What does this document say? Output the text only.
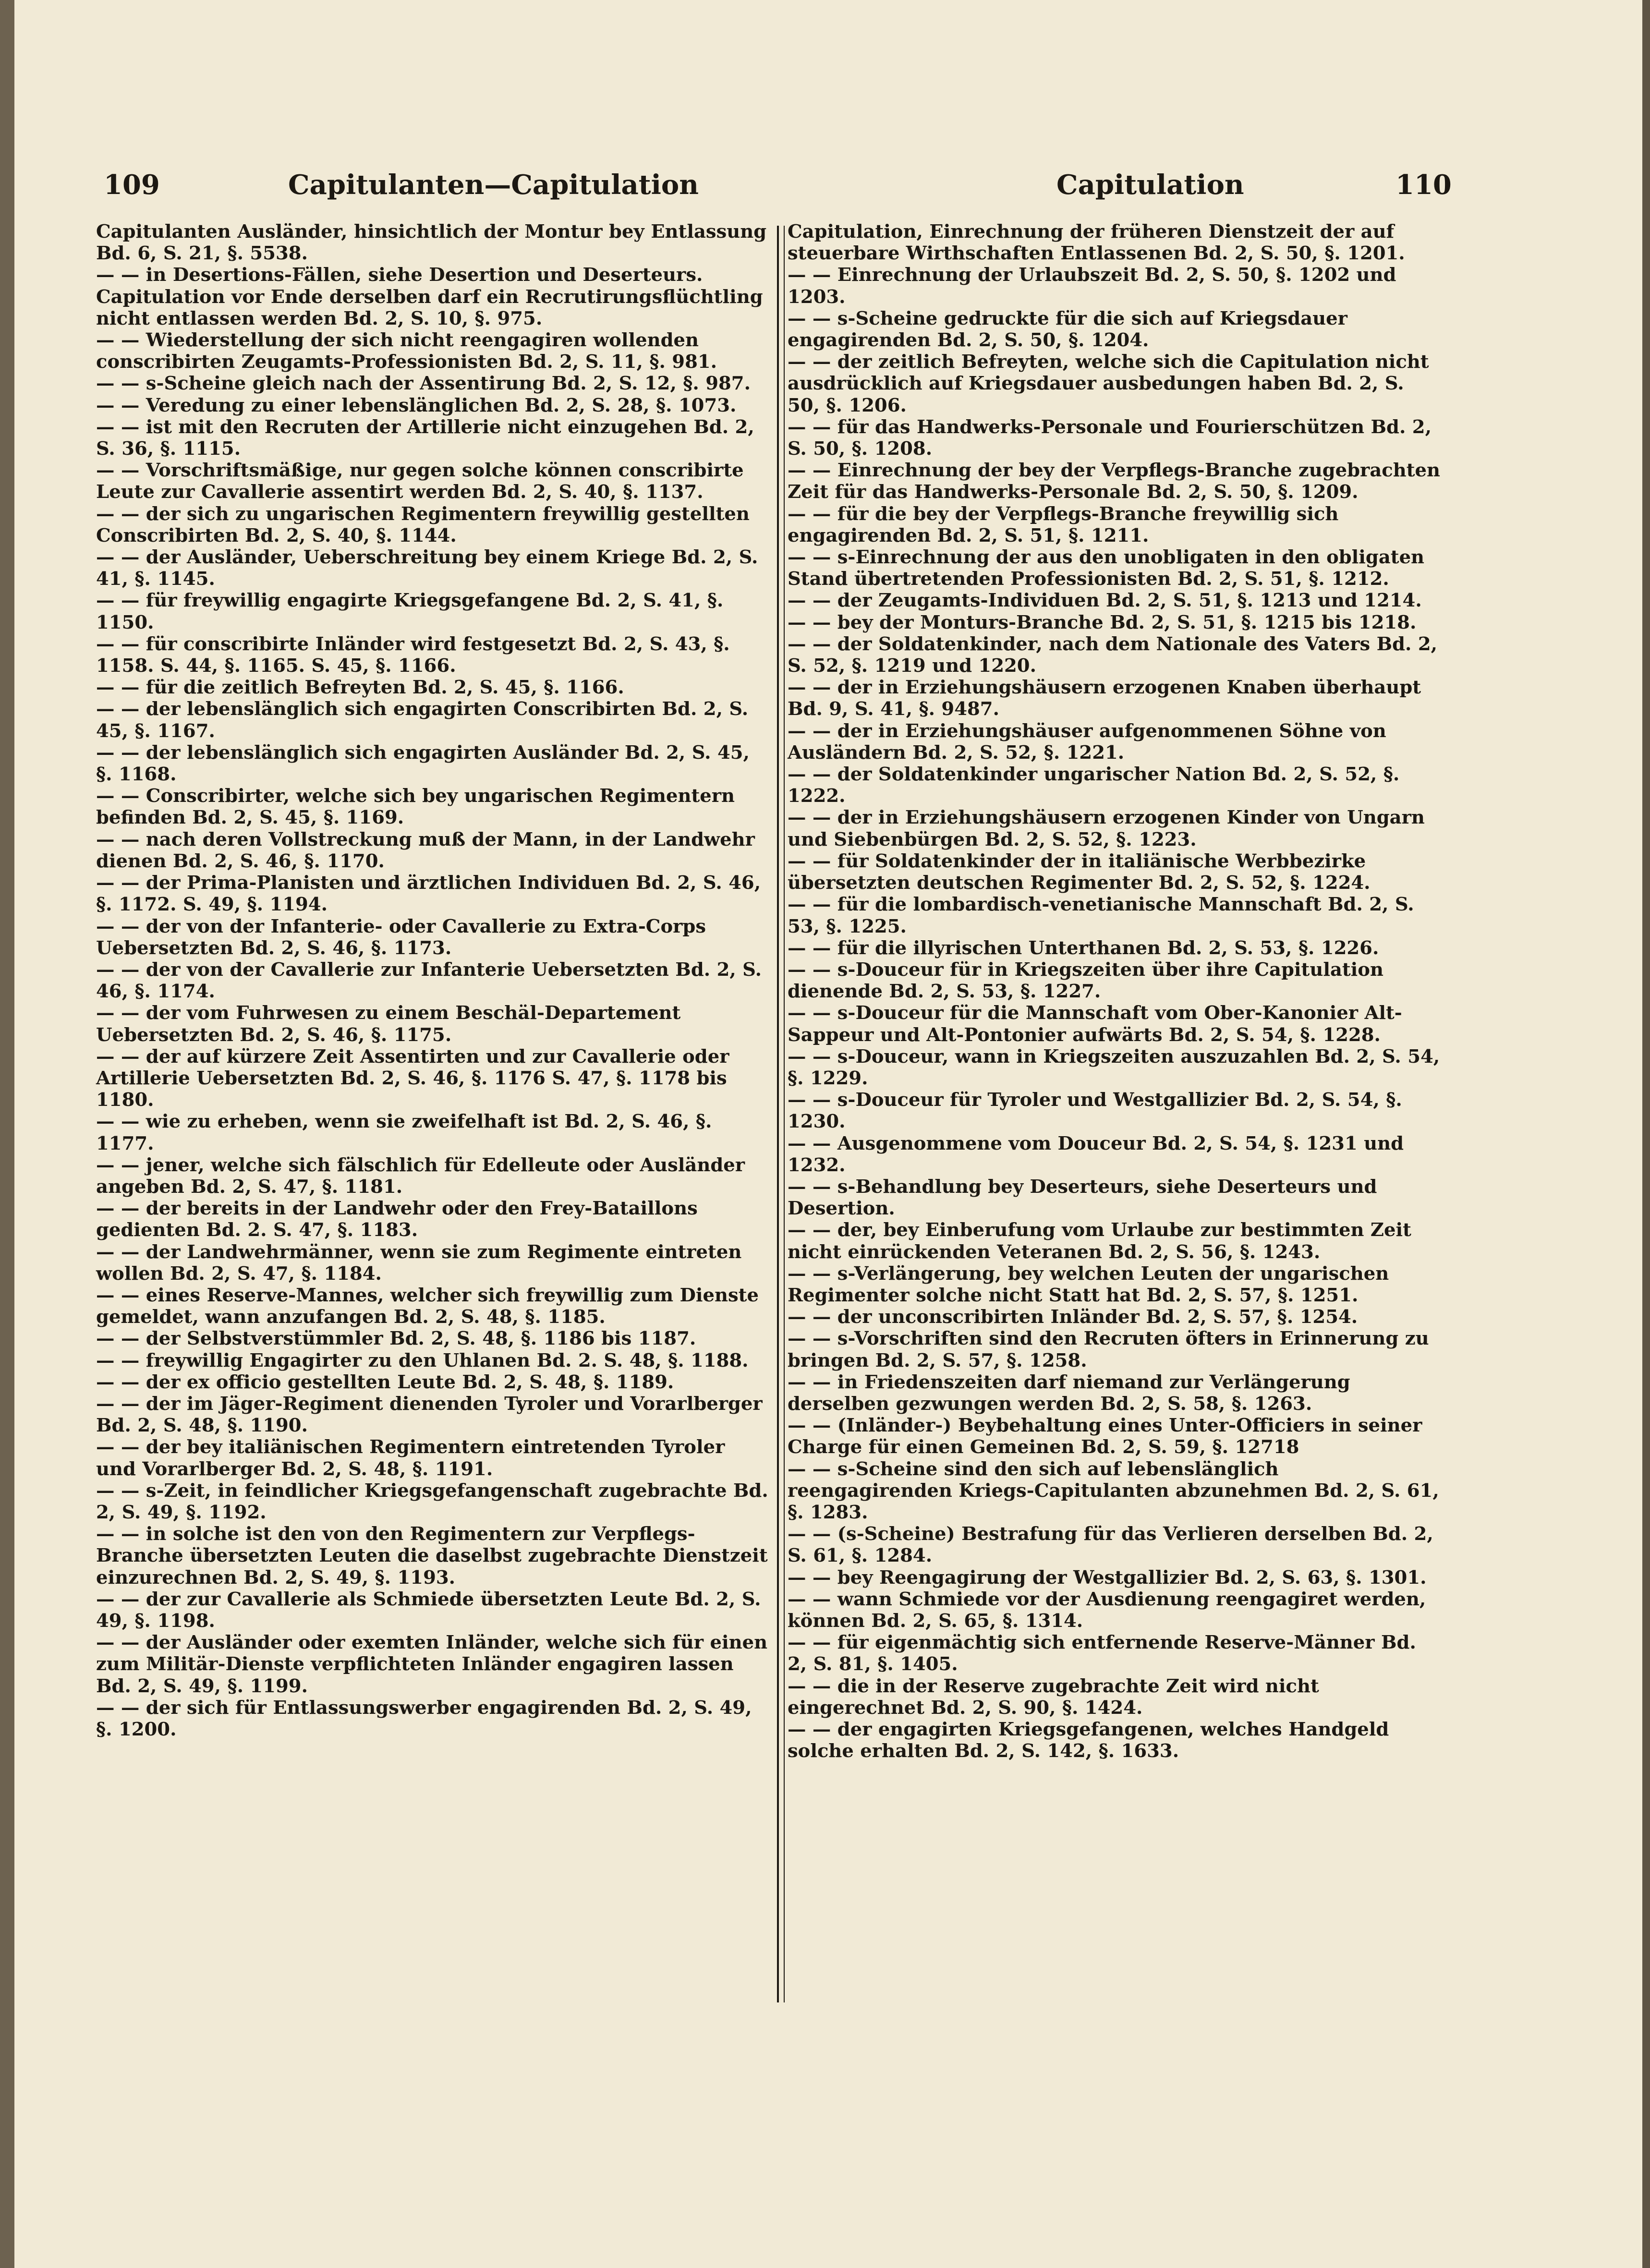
109	Capitulanten—Capitulation	Capitulation	110

Capitulanten Ausländer, hinsichtlich der Montur bey Entlassung Bd. 6, S. 21, §. 5538.

— — in Desertions-Fällen, siehe Desertion und Deserteurs.

Capitulation vor Ende derselben darf ein Recrutirungsflüchtling nicht entlassen werden Bd. 2, S. 10, §. 975.

— — Wiederstellung der sich nicht reengagiren wollenden conscribirten Zeugamts-Professionisten Bd. 2, S. 11, §. 981.

— — s-Scheine gleich nach der Assentirung Bd. 2, S. 12, §. 987.

— — Veredung zu einer lebenslänglichen Bd. 2, S. 28, §. 1073.

— — ist mit den Recruten der Artillerie nicht einzugehen Bd. 2, S. 36, §. 1115.

— — Vorschriftsmäßige, nur gegen solche können conscribirte Leute zur Cavallerie assentirt werden Bd. 2, S. 40, §. 1137.

— — der sich zu ungarischen Regimentern freywillig gestellten Conscribirten Bd. 2, S. 40, §. 1144.

— — der Ausländer, Ueberschreitung bey einem Kriege Bd. 2, S. 41, §. 1145.

— — für freywillig engagirte Kriegsgefangene Bd. 2, S. 41, §. 1150.

— — für conscribirte Inländer wird festgesetzt Bd. 2, S. 43, §. 1158. S. 44, §. 1165. S. 45, §. 1166.

— — für die zeitlich Befreyten Bd. 2, S. 45, §. 1166.

— — der lebenslänglich sich engagirten Conscribirten Bd. 2, S. 45, §. 1167.

— — der lebenslänglich sich engagirten Ausländer Bd. 2, S. 45, §. 1168.

— — Conscribirter, welche sich bey ungarischen Regimentern befinden Bd. 2, S. 45, §. 1169.

— — nach deren Vollstreckung muß der Mann, in der Landwehr dienen Bd. 2, S. 46, §. 1170.

— — der Prima-Planisten und ärztlichen Individuen Bd. 2, S. 46, §. 1172. S. 49, §. 1194.

— — der von der Infanterie- oder Cavallerie zu Extra-Corps Uebersetzten Bd. 2, S. 46, §. 1173.

— — der von der Cavallerie zur Infanterie Uebersetzten Bd. 2, S. 46, §. 1174.

— — der vom Fuhrwesen zu einem Beschäl-Departement Uebersetzten Bd. 2, S. 46, §. 1175.

— — der auf kürzere Zeit Assentirten und zur Cavallerie oder Artillerie Uebersetzten Bd. 2, S. 46, §. 1176 S. 47, §. 1178 bis 1180.

— — wie zu erheben, wenn sie zweifelhaft ist Bd. 2, S. 46, §. 1177.

— — jener, welche sich fälschlich für Edelleute oder Ausländer angeben Bd. 2, S. 47, §. 1181.

— — der bereits in der Landwehr oder den Frey-Bataillons gedienten Bd. 2. S. 47, §. 1183.

— — der Landwehrmänner, wenn sie zum Regimente eintreten wollen Bd. 2, S. 47, §. 1184.

— — eines Reserve-Mannes, welcher sich freywillig zum Dienste gemeldet, wann anzufangen Bd. 2, S. 48, §. 1185.

— — der Selbstverstümmler Bd. 2, S. 48, §. 1186 bis 1187.

— — freywillig Engagirter zu den Uhlanen Bd. 2. S. 48, §. 1188.

— — der ex officio gestellten Leute Bd. 2, S. 48, §. 1189.

— — der im Jäger-Regiment dienenden Tyroler und Vorarlberger Bd. 2, S. 48, §. 1190.

— — der bey italiänischen Regimentern eintretenden Tyroler und Vorarlberger Bd. 2, S. 48, §. 1191.

— — s-Zeit, in feindlicher Kriegsgefangenschaft zugebrachte Bd. 2, S. 49, §. 1192.

— — in solche ist den von den Regimentern zur Verpflegs-Branche übersetzten Leuten die daselbst zugebrachte Dienstzeit einzurechnen Bd. 2, S. 49, §. 1193.

— — der zur Cavallerie als Schmiede übersetzten Leute Bd. 2, S. 49, §. 1198.

— — der Ausländer oder exemten Inländer, welche sich für einen zum Militär-Dienste verpflichteten Inländer engagiren lassen Bd. 2, S. 49, §. 1199.

— — der sich für Entlassungswerber engagirenden Bd. 2, S. 49, §. 1200.

Capitulation, Einrechnung der früheren Dienstzeit der auf steuerbare Wirthschaften Entlassenen Bd. 2, S. 50, §. 1201.

— — Einrechnung der Urlaubszeit Bd. 2, S. 50, §. 1202 und 1203.

— — s-Scheine gedruckte für die sich auf Kriegsdauer engagirenden Bd. 2, S. 50, §. 1204.

— — der zeitlich Befreyten, welche sich die Capitulation nicht ausdrücklich auf Kriegsdauer ausbedungen haben Bd. 2, S. 50, §. 1206.

— — für das Handwerks-Personale und Fourierschützen Bd. 2, S. 50, §. 1208.

— — Einrechnung der bey der Verpflegs-Branche zugebrachten Zeit für das Handwerks-Personale Bd. 2, S. 50, §. 1209.

— — für die bey der Verpflegs-Branche freywillig sich engagirenden Bd. 2, S. 51, §. 1211.

— — s-Einrechnung der aus den unobligaten in den obligaten Stand übertretenden Professionisten Bd. 2, S. 51, §. 1212.

— — der Zeugamts-Individuen Bd. 2, S. 51, §. 1213 und 1214.

— — bey der Monturs-Branche Bd. 2, S. 51, §. 1215 bis 1218.

— — der Soldatenkinder, nach dem Nationale des Vaters Bd. 2, S. 52, §. 1219 und 1220.

— — der in Erziehungshäusern erzogenen Knaben überhaupt Bd. 9, S. 41, §. 9487.

— — der in Erziehungshäuser aufgenommenen Söhne von Ausländern Bd. 2, S. 52, §. 1221.

— — der Soldatenkinder ungarischer Nation Bd. 2, S. 52, §. 1222.

— — der in Erziehungshäusern erzogenen Kinder von Ungarn und Siebenbürgen Bd. 2, S. 52, §. 1223.

— — für Soldatenkinder der in italiänische Werbbezirke übersetzten deutschen Regimenter Bd. 2, S. 52, §. 1224.

— — für die lombardisch-venetianische Mannschaft Bd. 2, S. 53, §. 1225.

— — für die illyrischen Unterthanen Bd. 2, S. 53, §. 1226.

— — s-Douceur für in Kriegszeiten über ihre Capitulation dienende Bd. 2, S. 53, §. 1227.

— — s-Douceur für die Mannschaft vom Ober-Kanonier Alt-Sappeur und Alt-Pontonier aufwärts Bd. 2, S. 54, §. 1228.

— — s-Douceur, wann in Kriegszeiten auszuzahlen Bd. 2, S. 54, §. 1229.

— — s-Douceur für Tyroler und Westgallizier Bd. 2, S. 54, §. 1230.

— — Ausgenommene vom Douceur Bd. 2, S. 54, §. 1231 und 1232.

— — s-Behandlung bey Deserteurs, siehe Deserteurs und Desertion.

— — der, bey Einberufung vom Urlaube zur bestimmten Zeit nicht einrückenden Veteranen Bd. 2, S. 56, §. 1243.

— — s-Verlängerung, bey welchen Leuten der ungarischen Regimenter solche nicht Statt hat Bd. 2, S. 57, §. 1251.

— — der unconscribirten Inländer Bd. 2, S. 57, §. 1254.

— — s-Vorschriften sind den Recruten öfters in Erinnerung zu bringen Bd. 2, S. 57, §. 1258.

— — in Friedenszeiten darf niemand zur Verlängerung derselben gezwungen werden Bd. 2, S. 58, §. 1263.

— — (Inländer-) Beybehaltung eines Unter-Officiers in seiner Charge für einen Gemeinen Bd. 2, S. 59, §. 12718

— — s-Scheine sind den sich auf lebenslänglich reengagirenden Kriegs-Capitulanten abzunehmen Bd. 2, S. 61, §. 1283.

— — (s-Scheine) Bestrafung für das Verlieren derselben Bd. 2, S. 61, §. 1284.

— — bey Reengagirung der Westgallizier Bd. 2, S. 63, §. 1301.

— — wann Schmiede vor der Ausdienung reengagiret werden, können Bd. 2, S. 65, §. 1314.

— — für eigenmächtig sich entfernende Reserve-Männer Bd. 2, S. 81, §. 1405.

— — die in der Reserve zugebrachte Zeit wird nicht eingerechnet Bd. 2, S. 90, §. 1424.

— — der engagirten Kriegsgefangenen, welches Handgeld solche erhalten Bd. 2, S. 142, §. 1633.
